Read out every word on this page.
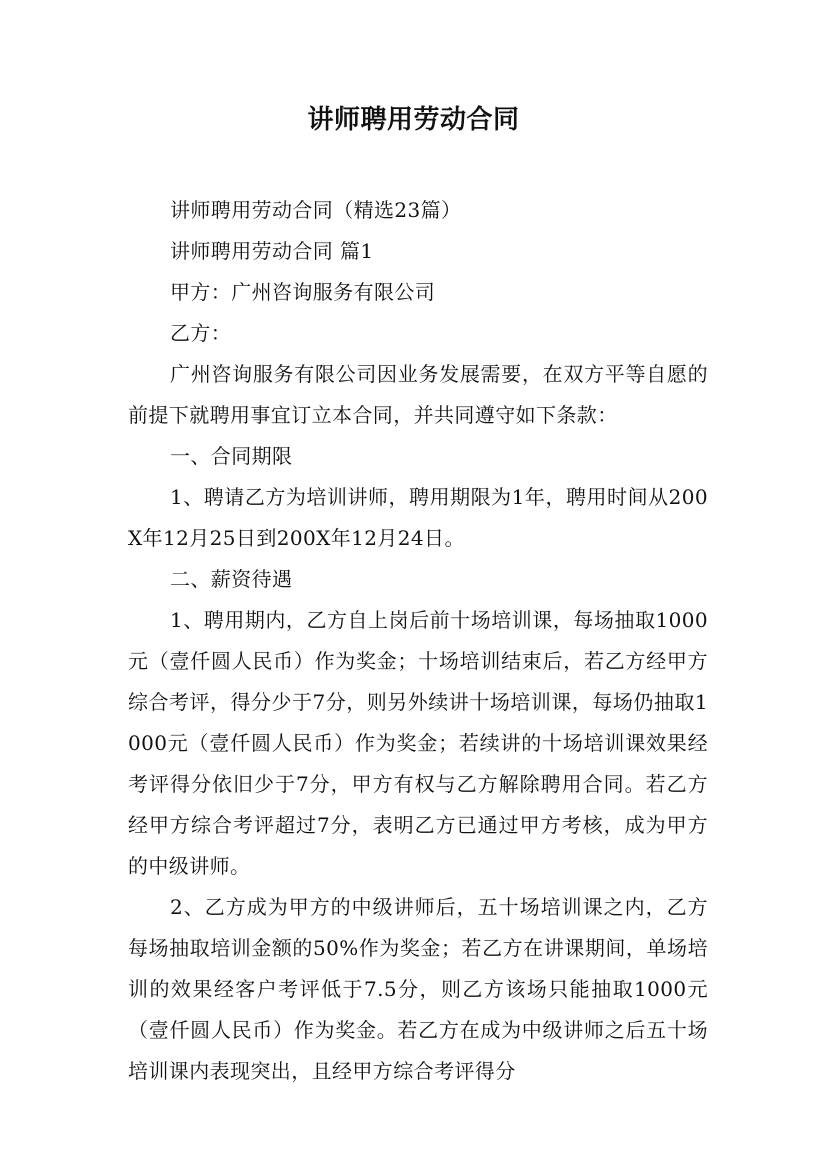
讲师聘用劳动合同

讲师聘用劳动合同（精选23篇）

讲师聘用劳动合同 篇1

甲方：广州咨询服务有限公司

乙方：

广州咨询服务有限公司因业务发展需要，在双方平等自愿的前提下就聘用事宜订立本合同，并共同遵守如下条款：

一、合同期限

1、聘请乙方为培训讲师，聘用期限为1年，聘用时间从200X年12月25日到200X年12月24日。

二、薪资待遇

1、聘用期内，乙方自上岗后前十场培训课，每场抽取1000元（壹仟圆人民币）作为奖金；十场培训结束后，若乙方经甲方综合考评，得分少于7分，则另外续讲十场培训课，每场仍抽取1000元（壹仟圆人民币）作为奖金；若续讲的十场培训课效果经考评得分依旧少于7分，甲方有权与乙方解除聘用合同。若乙方经甲方综合考评超过7分，表明乙方已通过甲方考核，成为甲方的中级讲师。

2、乙方成为甲方的中级讲师后，五十场培训课之内，乙方每场抽取培训金额的50%作为奖金；若乙方在讲课期间，单场培训的效果经客户考评低于7.5分，则乙方该场只能抽取1000元（壹仟圆人民币）作为奖金。若乙方在成为中级讲师之后五十场培训课内表现突出，且经甲方综合考评得分
